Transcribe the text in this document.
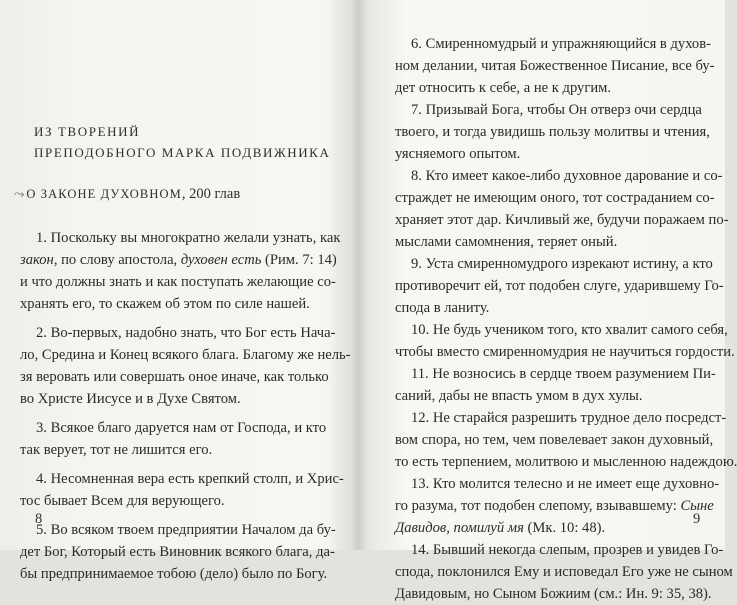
ИЗ ТВОРЕНИЙ
ПРЕПОДОБНОГО МАРКА ПОДВИЖНИКА
⤳ О ЗАКОНЕ ДУХОВНОМ, 200 глав
1. Поскольку вы многократно желали узнать, как
закон, по слову апостола, духовен есть (Рим. 7: 14)
и что должны знать и как поступать желающие со-
хранять его, то скажем об этом по силе нашей.
2. Во-первых, надобно знать, что Бог есть Нача-
ло, Средина и Конец всякого блага. Благому же нель-
зя веровать или совершать оное иначе, как только
во Христе Иисусе и в Духе Святом.
3. Всякое благо даруется нам от Господа, и кто
так верует, тот не лишится его.
4. Несомненная вера есть крепкий столп, и Хрис-
тос бывает Всем для верующего.
5. Во всяком твоем предприятии Началом да бу-
дет Бог, Который есть Виновник всякого блага, да-
бы предпринимаемое тобою (дело) было по Богу.
8
6. Смиренномудрый и упражняющийся в духов-
ном делании, читая Божественное Писание, все бу-
дет относить к себе, а не к другим.
7. Призывай Бога, чтобы Он отверз очи сердца
твоего, и тогда увидишь пользу молитвы и чтения,
уясняемого опытом.
8. Кто имеет какое-либо духовное дарование и со-
страждет не имеющим оного, тот состраданием со-
храняет этот дар. Кичливый же, будучи поражаем по-
мыслами самомнения, теряет оный.
9. Уста смиренномудрого изрекают истину, а кто
противоречит ей, тот подобен слуге, ударившему Го-
спода в ланиту.
10. Не будь учеником того, кто хвалит самого себя,
чтобы вместо смиренномудрия не научиться гордости.
11. Не возносись в сердце твоем разумением Пи-
саний, дабы не впасть умом в дух хулы.
12. Не старайся разрешить трудное дело посредст-
вом спора, но тем, чем повелевает закон духовный,
то есть терпением, молитвою и мысленною надеждою.
13. Кто молится телесно и не имеет еще духовно-
го разума, тот подобен слепому, взывавшему: Сыне
Давидов, помилуй мя (Мк. 10: 48).
14. Бывший некогда слепым, прозрев и увидев Го-
спода, поклонился Ему и исповедал Его уже не сыном
Давидовым, но Сыном Божиим (см.: Ин. 9: 35, 38).
9
